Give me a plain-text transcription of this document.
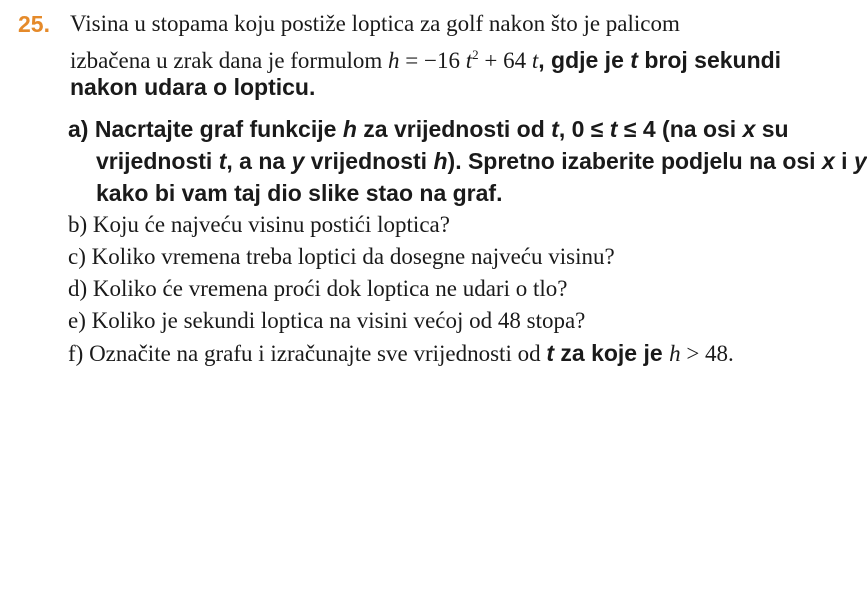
25. Visina u stopama koju postiže loptica za golf nakon što je palicom
izbačena u zrak dana je formulom h = −16 $t^2 + 64$ t, gdje je t broj sekundi
nakon udara o lopticu.
a) Nacrtajte graf funkcije h za vrijednosti od t, 0 ≤ t ≤ 4 (na osi x su
vrijednosti t, a na y vrijednosti h). Spretno izaberite podjelu na osi x i y
kako bi vam taj dio slike stao na graf.
b) Koju će najveću visinu postići loptica?
c) Koliko vremena treba loptici da dosegne najveću visinu?
d) Koliko će vremena proći dok loptica ne udari o tlo?
e) Koliko je sekundi loptica na visini većoj od 48 stopa?
f) Označite na grafu i izračunajte sve vrijednosti od t za koje je h > 48.
